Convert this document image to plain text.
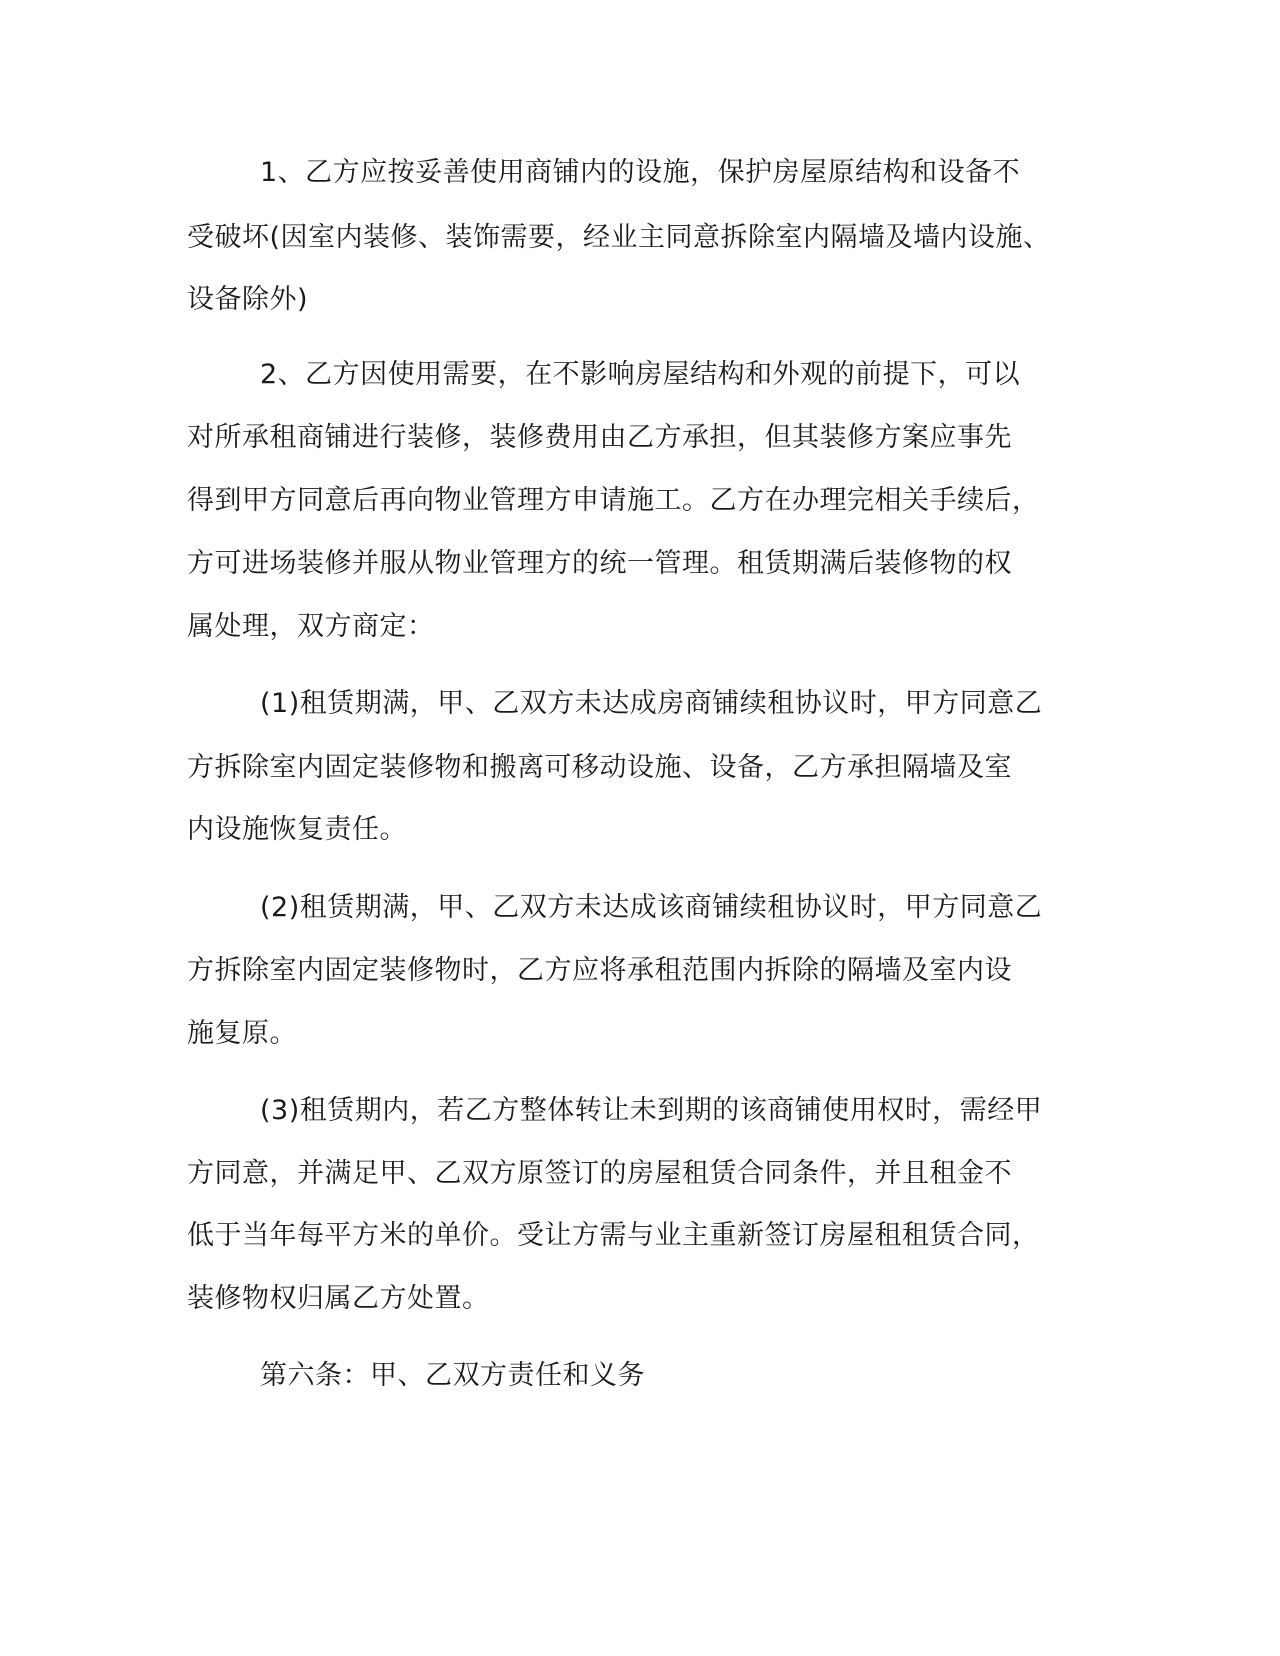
1、乙方应按妥善使用商铺内的设施，保护房屋原结构和设备不
受破坏(因室内装修、装饰需要，经业主同意拆除室内隔墙及墙内设施、
设备除外)
2、乙方因使用需要，在不影响房屋结构和外观的前提下，可以
对所承租商铺进行装修，装修费用由乙方承担，但其装修方案应事先
得到甲方同意后再向物业管理方申请施工。乙方在办理完相关手续后，
方可进场装修并服从物业管理方的统一管理。租赁期满后装修物的权
属处理，双方商定：
(1)租赁期满，甲、乙双方未达成房商铺续租协议时，甲方同意乙
方拆除室内固定装修物和搬离可移动设施、设备，乙方承担隔墙及室
内设施恢复责任。
(2)租赁期满，甲、乙双方未达成该商铺续租协议时，甲方同意乙
方拆除室内固定装修物时，乙方应将承租范围内拆除的隔墙及室内设
施复原。
(3)租赁期内，若乙方整体转让未到期的该商铺使用权时，需经甲
方同意，并满足甲、乙双方原签订的房屋租赁合同条件，并且租金不
低于当年每平方米的单价。受让方需与业主重新签订房屋租租赁合同，
装修物权归属乙方处置。
第六条：甲、乙双方责任和义务
